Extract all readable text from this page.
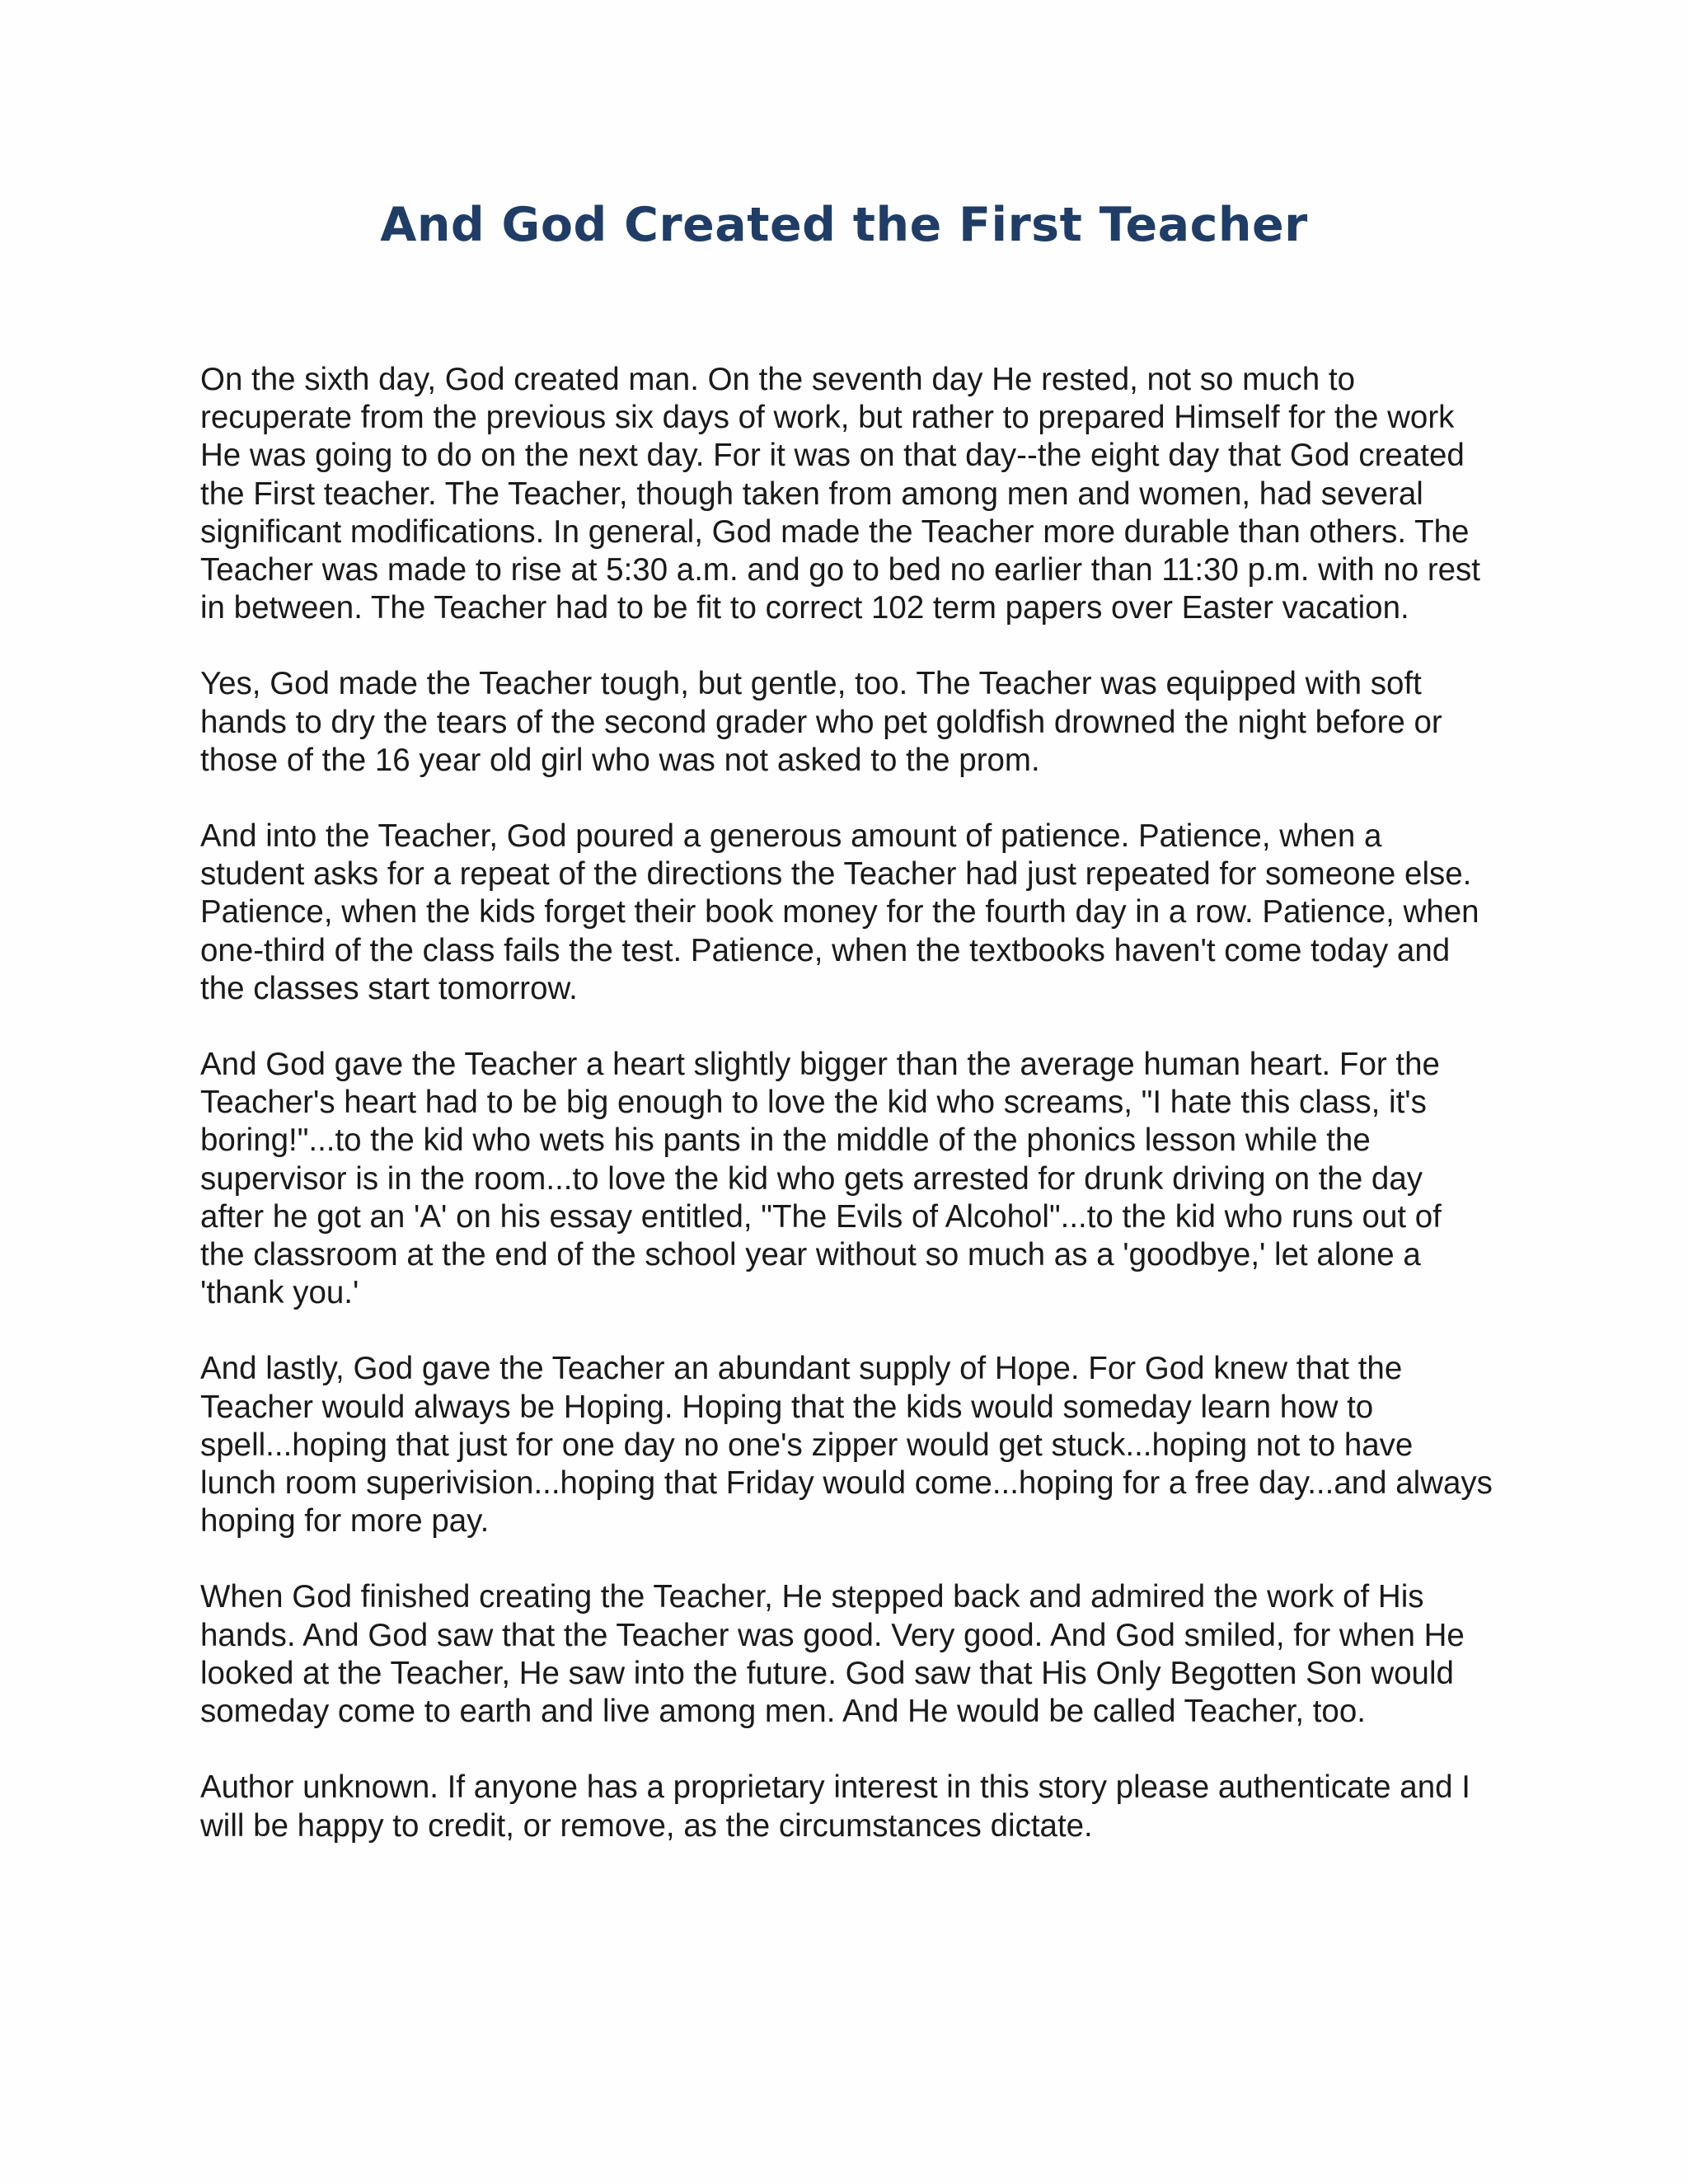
And God Created the First Teacher

On the sixth day, God created man. On the seventh day He rested, not so much to recuperate from the previous six days of work, but rather to prepared Himself for the work He was going to do on the next day. For it was on that day--the eight day that God created the First teacher. The Teacher, though taken from among men and women, had several significant modifications. In general, God made the Teacher more durable than others. The Teacher was made to rise at 5:30 a.m. and go to bed no earlier than 11:30 p.m. with no rest in between. The Teacher had to be fit to correct 102 term papers over Easter vacation.

Yes, God made the Teacher tough, but gentle, too. The Teacher was equipped with soft hands to dry the tears of the second grader who pet goldfish drowned the night before or those of the 16 year old girl who was not asked to the prom.

And into the Teacher, God poured a generous amount of patience. Patience, when a student asks for a repeat of the directions the Teacher had just repeated for someone else. Patience, when the kids forget their book money for the fourth day in a row. Patience, when one-third of the class fails the test. Patience, when the textbooks haven't come today and the classes start tomorrow.

And God gave the Teacher a heart slightly bigger than the average human heart. For the Teacher's heart had to be big enough to love the kid who screams, "I hate this class, it's boring!"...to the kid who wets his pants in the middle of the phonics lesson while the supervisor is in the room...to love the kid who gets arrested for drunk driving on the day after he got an 'A' on his essay entitled, "The Evils of Alcohol"...to the kid who runs out of the classroom at the end of the school year without so much as a 'goodbye,' let alone a 'thank you.'

And lastly, God gave the Teacher an abundant supply of Hope. For God knew that the Teacher would always be Hoping. Hoping that the kids would someday learn how to spell...hoping that just for one day no one's zipper would get stuck...hoping not to have lunch room superivision...hoping that Friday would come...hoping for a free day...and always hoping for more pay.

When God finished creating the Teacher, He stepped back and admired the work of His hands. And God saw that the Teacher was good. Very good. And God smiled, for when He looked at the Teacher, He saw into the future. God saw that His Only Begotten Son would someday come to earth and live among men. And He would be called Teacher, too.

Author unknown. If anyone has a proprietary interest in this story please authenticate and I will be happy to credit, or remove, as the circumstances dictate.
